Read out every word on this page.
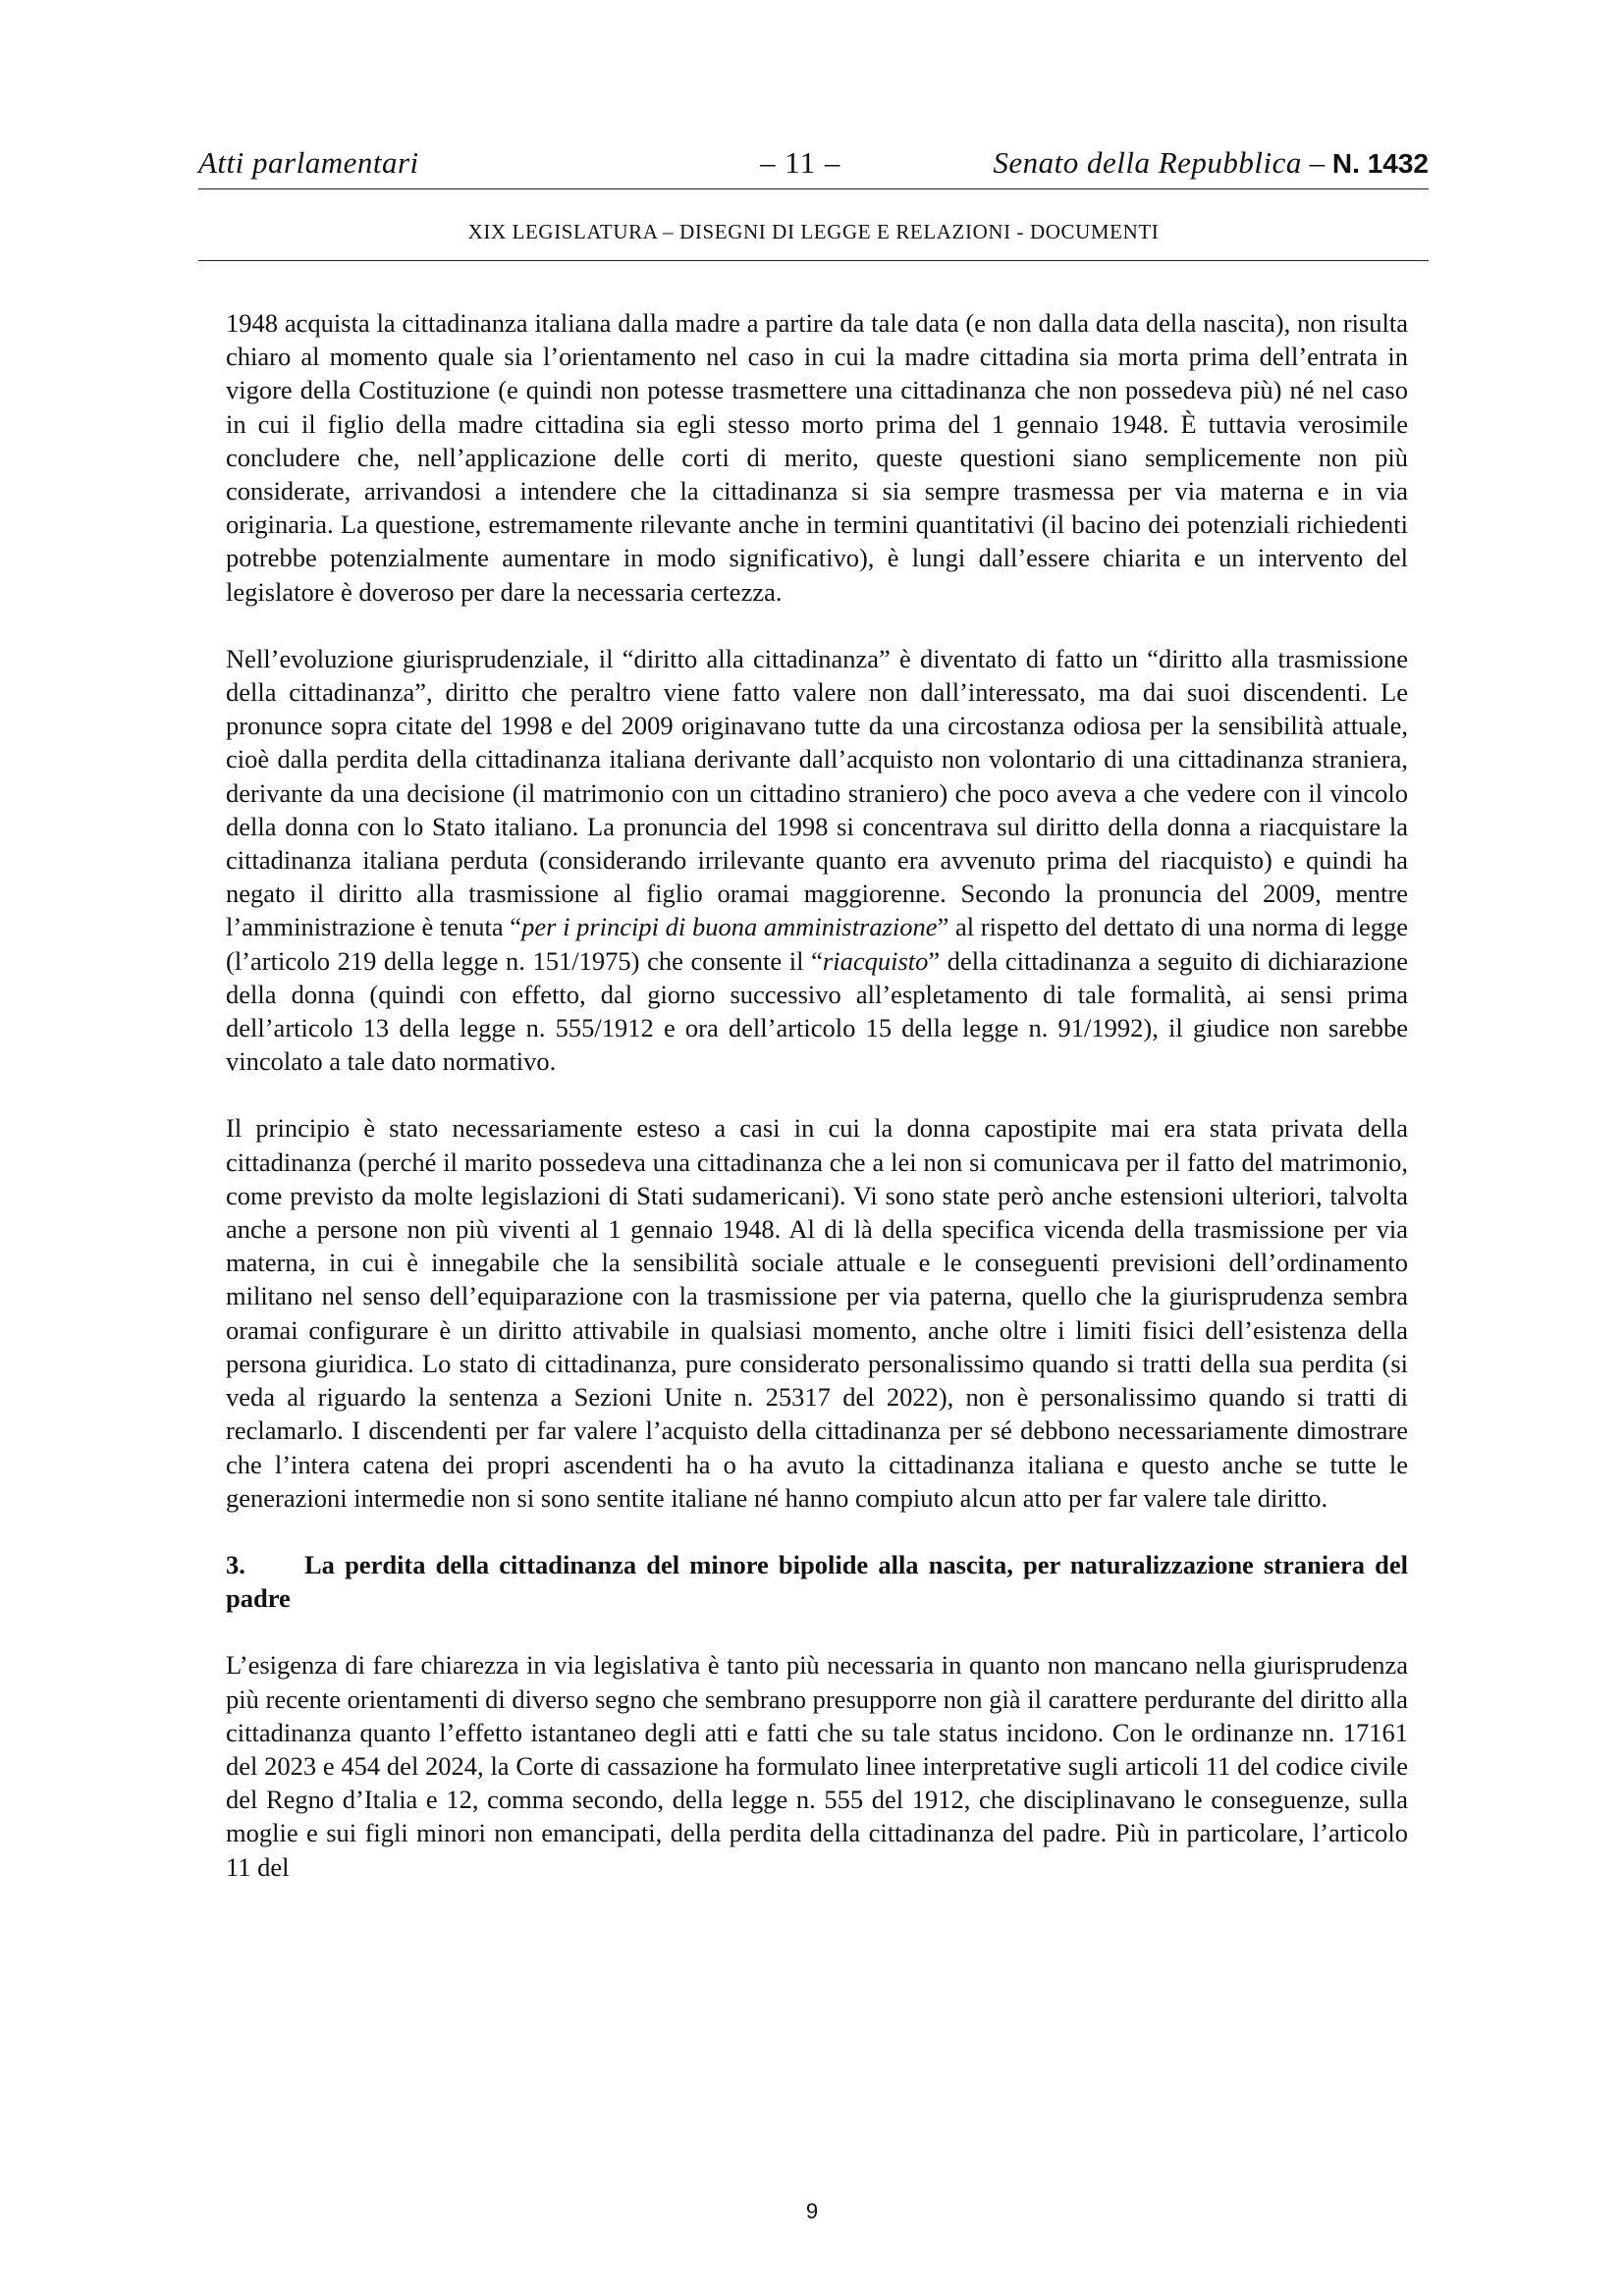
Atti parlamentari	– 11 –	Senato della Repubblica – N. 1432
XIX LEGISLATURA – DISEGNI DI LEGGE E RELAZIONI - DOCUMENTI

1948 acquista la cittadinanza italiana dalla madre a partire da tale data (e non dalla data della nascita), non risulta chiaro al momento quale sia l’orientamento nel caso in cui la madre cittadina sia morta prima dell’entrata in vigore della Costituzione (e quindi non potesse trasmettere una cittadinanza che non possedeva più) né nel caso in cui il figlio della madre cittadina sia egli stesso morto prima del 1 gennaio 1948. È tuttavia verosimile concludere che, nell’applicazione delle corti di merito, queste questioni siano semplicemente non più considerate, arrivandosi a intendere che la cittadinanza si sia sempre trasmessa per via materna e in via originaria. La questione, estremamente rilevante anche in termini quantitativi (il bacino dei potenziali richiedenti potrebbe potenzialmente aumentare in modo significativo), è lungi dall’essere chiarita e un intervento del legislatore è doveroso per dare la necessaria certezza.

Nell’evoluzione giurisprudenziale, il “diritto alla cittadinanza” è diventato di fatto un “diritto alla trasmissione della cittadinanza”, diritto che peraltro viene fatto valere non dall’interessato, ma dai suoi discendenti. Le pronunce sopra citate del 1998 e del 2009 originavano tutte da una circostanza odiosa per la sensibilità attuale, cioè dalla perdita della cittadinanza italiana derivante dall’acquisto non volontario di una cittadinanza straniera, derivante da una decisione (il matrimonio con un cittadino straniero) che poco aveva a che vedere con il vincolo della donna con lo Stato italiano. La pronuncia del 1998 si concentrava sul diritto della donna a riacquistare la cittadinanza italiana perduta (considerando irrilevante quanto era avvenuto prima del riacquisto) e quindi ha negato il diritto alla trasmissione al figlio oramai maggiorenne. Secondo la pronuncia del 2009, mentre l’amministrazione è tenuta “per i principi di buona amministrazione” al rispetto del dettato di una norma di legge (l’articolo 219 della legge n. 151/1975) che consente il “riacquisto” della cittadinanza a seguito di dichiarazione della donna (quindi con effetto, dal giorno successivo all’espletamento di tale formalità, ai sensi prima dell’articolo 13 della legge n. 555/1912 e ora dell’articolo 15 della legge n. 91/1992), il giudice non sarebbe vincolato a tale dato normativo.

Il principio è stato necessariamente esteso a casi in cui la donna capostipite mai era stata privata della cittadinanza (perché il marito possedeva una cittadinanza che a lei non si comunicava per il fatto del matrimonio, come previsto da molte legislazioni di Stati sudamericani). Vi sono state però anche estensioni ulteriori, talvolta anche a persone non più viventi al 1 gennaio 1948. Al di là della specifica vicenda della trasmissione per via materna, in cui è innegabile che la sensibilità sociale attuale e le conseguenti previsioni dell’ordinamento militano nel senso dell’equiparazione con la trasmissione per via paterna, quello che la giurisprudenza sembra oramai configurare è un diritto attivabile in qualsiasi momento, anche oltre i limiti fisici dell’esistenza della persona giuridica. Lo stato di cittadinanza, pure considerato personalissimo quando si tratti della sua perdita (si veda al riguardo la sentenza a Sezioni Unite n. 25317 del 2022), non è personalissimo quando si tratti di reclamarlo. I discendenti per far valere l’acquisto della cittadinanza per sé debbono necessariamente dimostrare che l’intera catena dei propri ascendenti ha o ha avuto la cittadinanza italiana e questo anche se tutte le generazioni intermedie non si sono sentite italiane né hanno compiuto alcun atto per far valere tale diritto.

3. La perdita della cittadinanza del minore bipolide alla nascita, per naturalizzazione straniera del padre

L’esigenza di fare chiarezza in via legislativa è tanto più necessaria in quanto non mancano nella giurisprudenza più recente orientamenti di diverso segno che sembrano presupporre non già il carattere perdurante del diritto alla cittadinanza quanto l’effetto istantaneo degli atti e fatti che su tale status incidono. Con le ordinanze nn. 17161 del 2023 e 454 del 2024, la Corte di cassazione ha formulato linee interpretative sugli articoli 11 del codice civile del Regno d’Italia e 12, comma secondo, della legge n. 555 del 1912, che disciplinavano le conseguenze, sulla moglie e sui figli minori non emancipati, della perdita della cittadinanza del padre. Più in particolare, l’articolo 11 del

9
